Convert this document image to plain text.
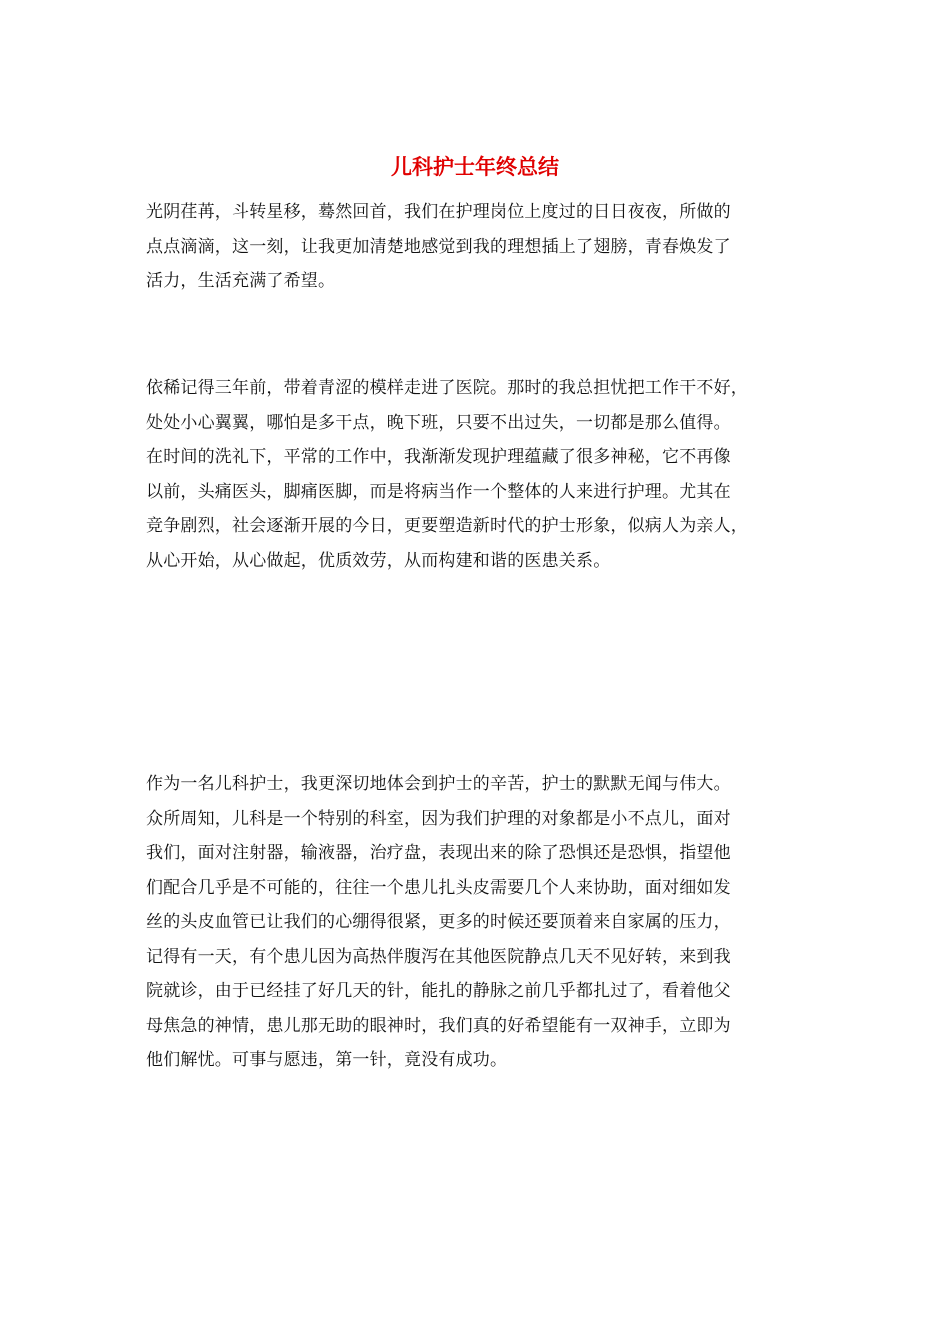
儿科护士年终总结
光阴荏苒，斗转星移，蓦然回首，我们在护理岗位上度过的日日夜夜，所做的
点点滴滴，这一刻，让我更加清楚地感觉到我的理想插上了翅膀，青春焕发了
活力，生活充满了希望。
依稀记得三年前，带着青涩的模样走进了医院。那时的我总担忧把工作干不好，
处处小心翼翼，哪怕是多干点，晚下班，只要不出过失，一切都是那么值得。
在时间的洗礼下，平常的工作中，我渐渐发现护理蕴藏了很多神秘，它不再像
以前，头痛医头，脚痛医脚，而是将病当作一个整体的人来进行护理。尤其在
竞争剧烈，社会逐渐开展的今日，更要塑造新时代的护士形象，似病人为亲人，
从心开始，从心做起，优质效劳，从而构建和谐的医患关系。
作为一名儿科护士，我更深切地体会到护士的辛苦，护士的默默无闻与伟大。
众所周知，儿科是一个特别的科室，因为我们护理的对象都是小不点儿，面对
我们，面对注射器，输液器，治疗盘，表现出来的除了恐惧还是恐惧，指望他
们配合几乎是不可能的，往往一个患儿扎头皮需要几个人来协助，面对细如发
丝的头皮血管已让我们的心绷得很紧，更多的时候还要顶着来自家属的压力，
记得有一天，有个患儿因为高热伴腹泻在其他医院静点几天不见好转，来到我
院就诊，由于已经挂了好几天的针，能扎的静脉之前几乎都扎过了，看着他父
母焦急的神情，患儿那无助的眼神时，我们真的好希望能有一双神手，立即为
他们解忧。可事与愿违，第一针，竟没有成功。
